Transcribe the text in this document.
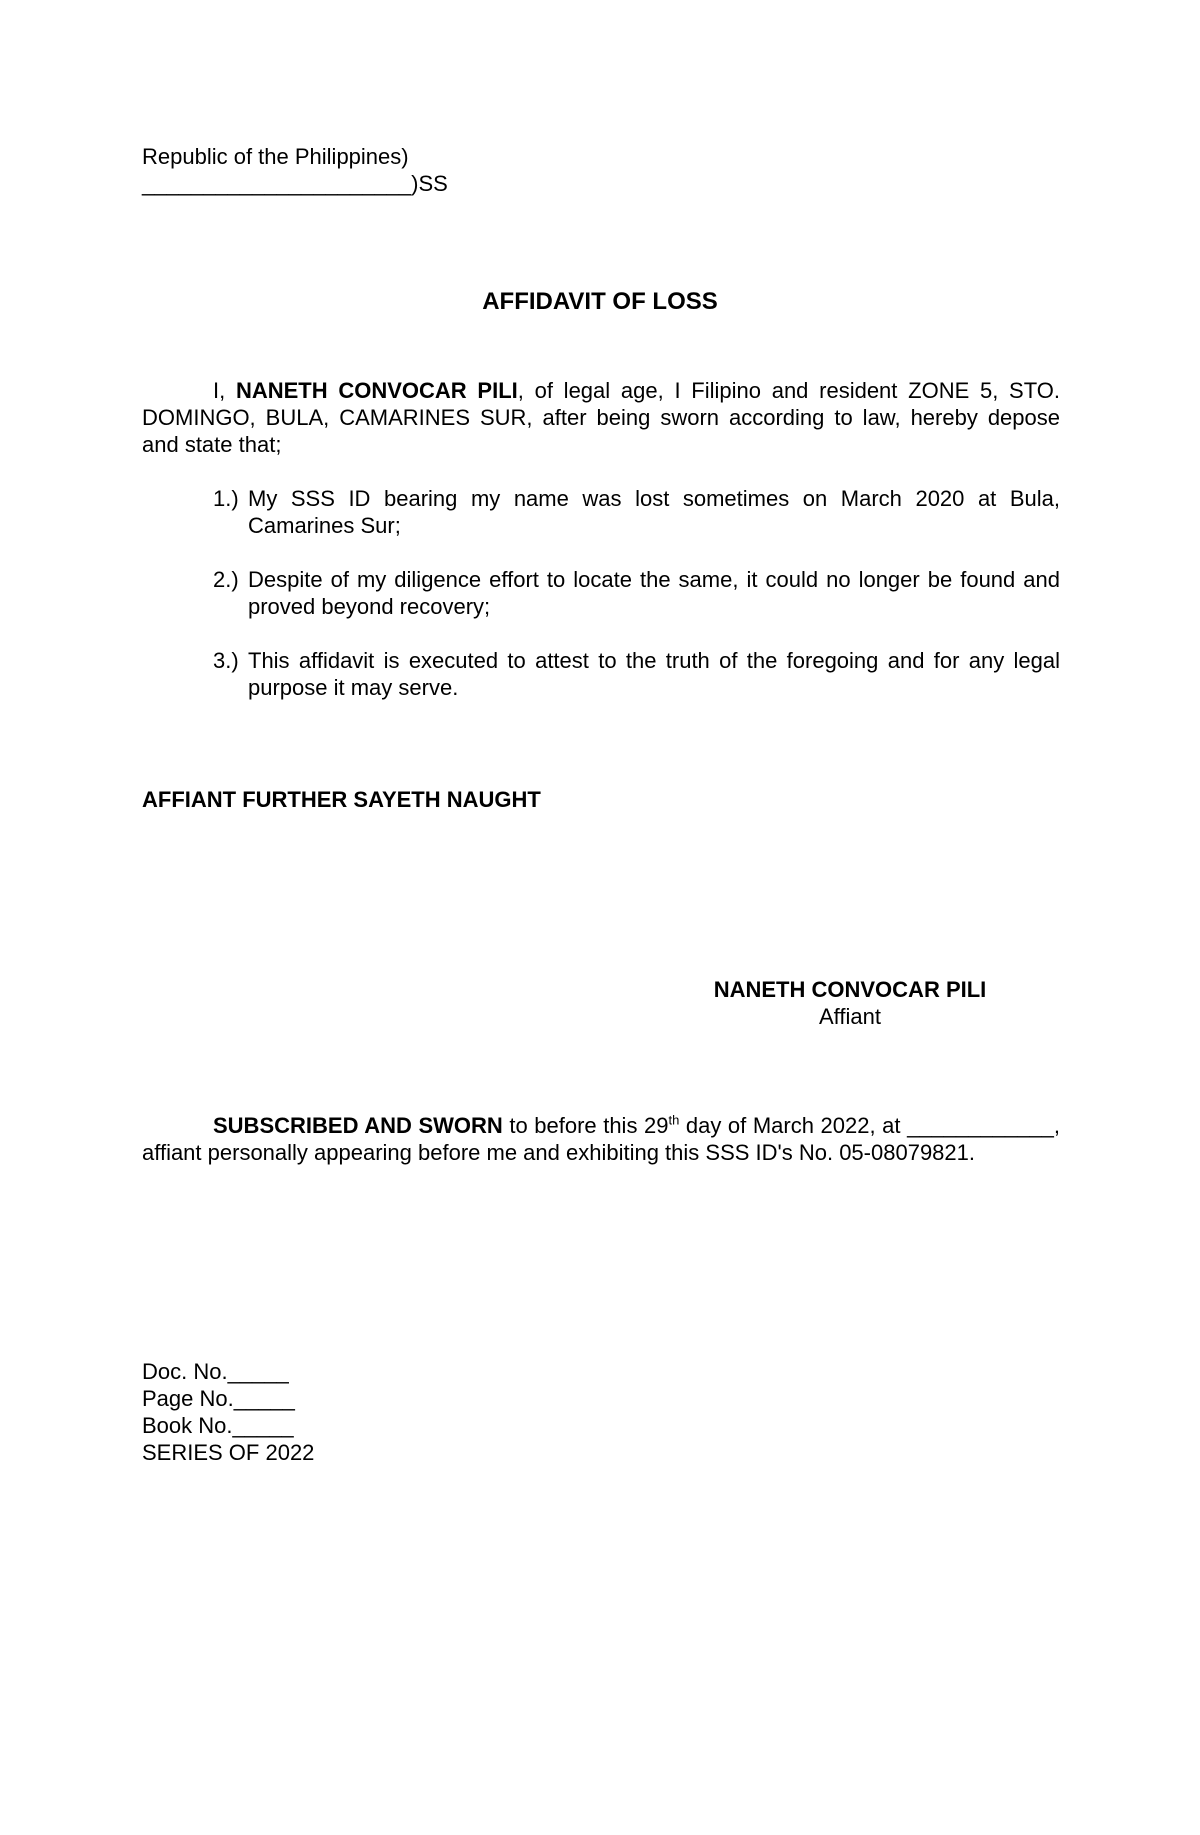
Republic of the Philippines)
______________________)SS
AFFIDAVIT OF LOSS

I, NANETH CONVOCAR PILI, of legal age, I Filipino and resident ZONE 5, STO. DOMINGO, BULA, CAMARINES SUR, after being sworn according to law, hereby depose and state that;

1.) My SSS ID bearing my name was lost sometimes on March 2020 at Bula, Camarines Sur;
2.) Despite of my diligence effort to locate the same, it could no longer be found and proved beyond recovery;
3.) This affidavit is executed to attest to the truth of the foregoing and for any legal purpose it may serve.
AFFIANT FURTHER SAYETH NAUGHT
NANETH CONVOCAR PILI
Affiant

SUBSCRIBED AND SWORN to before this 29th day of March 2022, at ____________, affiant personally appearing before me and exhibiting this SSS ID's No. 05-08079821.

Doc. No._____
Page No._____
Book No._____
SERIES OF 2022
